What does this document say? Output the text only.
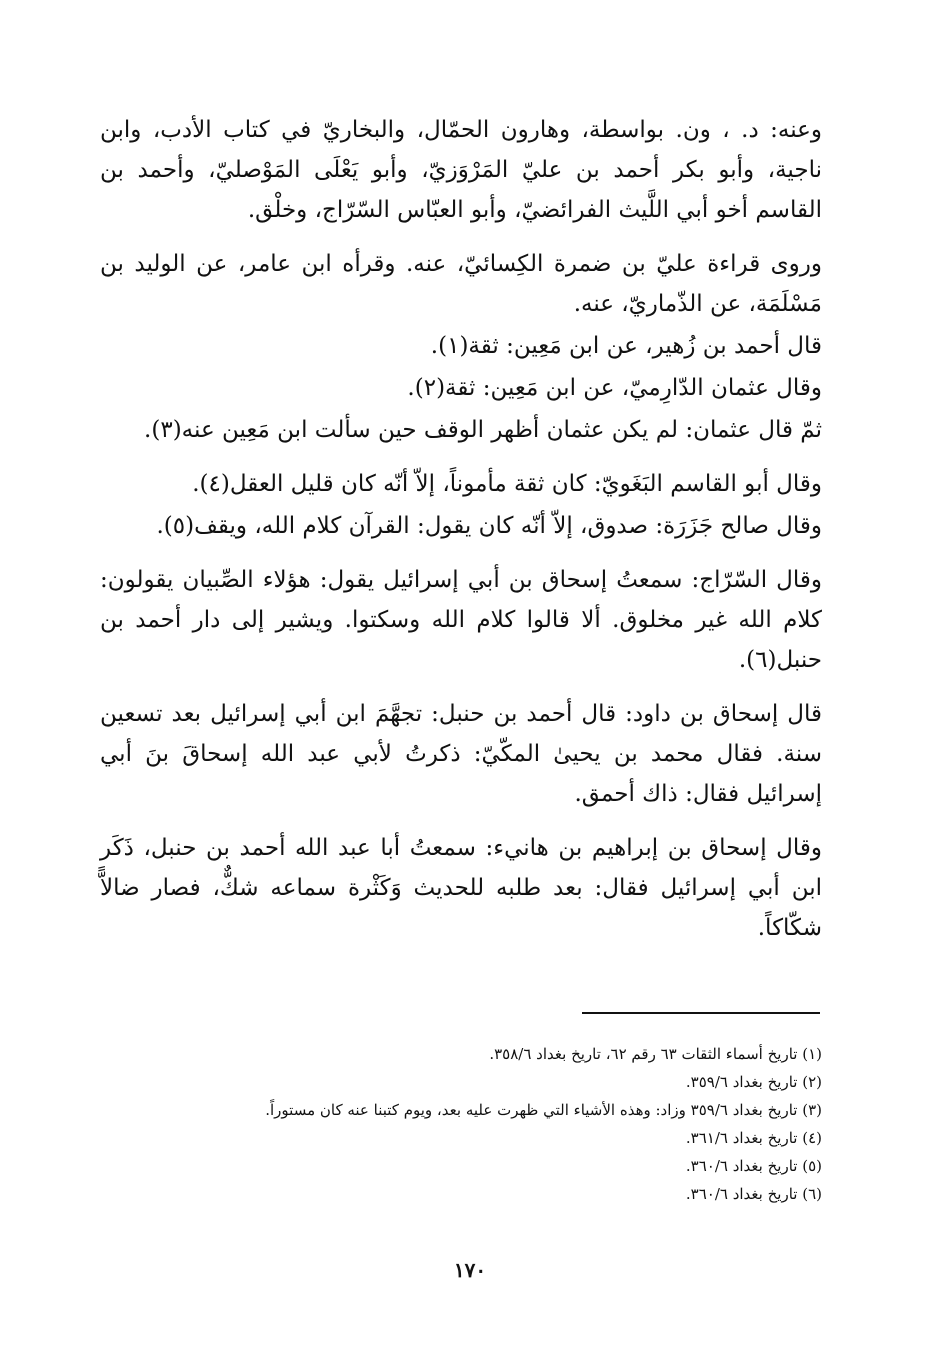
وعنه: د. ، ون. بواسطة، وهارون الحمّال، والبخاريّ في كتاب الأدب، وابن ناجية، وأبو بكر أحمد بن عليّ المَرْوَزيّ، وأبو يَعْلَى المَوْصليّ، وأحمد بن القاسم أخو أبي اللَّيث الفرائضيّ، وأبو العبّاس السّرّاج، وخلْق.

وروى قراءة عليّ بن ضمرة الكِسائيّ، عنه. وقرأه ابن عامر، عن الوليد بن مَسْلَمَة، عن الذّماريّ، عنه.

قال أحمد بن زُهير، عن ابن مَعِين: ثقة(١).

وقال عثمان الدّارِميّ، عن ابن مَعِين: ثقة(٢).

ثمّ قال عثمان: لم يكن عثمان أظهر الوقف حين سألت ابن مَعِين عنه(٣).

وقال أبو القاسم البَغَويّ: كان ثقة مأموناً، إلاّ أنّه كان قليل العقل(٤).

وقال صالح جَزَرَة: صدوق، إلاّ أنّه كان يقول: القرآن كلام الله، ويقف(٥).

وقال السّرّاج: سمعتُ إسحاق بن أبي إسرائيل يقول: هؤلاء الصِّبيان يقولون: كلام الله غير مخلوق. ألا قالوا كلام الله وسكتوا. ويشير إلى دار أحمد بن حنبل(٦).

قال إسحاق بن داود: قال أحمد بن حنبل: تجهَّمَ ابن أبي إسرائيل بعد تسعين سنة. فقال محمد بن يحيىٰ المكّيّ: ذكرتُ لأبي عبد الله إسحاقَ بنَ أبي إسرائيل فقال: ذاك أحمق.

وقال إسحاق بن إبراهيم بن هانيء: سمعتُ أبا عبد الله أحمد بن حنبل، ذَكَر ابن أبي إسرائيل فقال: بعد طلبه للحديث وَكَثْرة سماعه شكٌّ، فصار ضالاًّ شكّاكاً.

(١) تاريخ أسماء الثقات ٦٣ رقم ٦٢، تاريخ بغداد ٣٥٨/٦.

(٢) تاريخ بغداد ٣٥٩/٦.

(٣) تاريخ بغداد ٣٥٩/٦ وزاد: وهذه الأشياء التي ظهرت عليه بعد، ويوم كتبنا عنه كان مستوراً.

(٤) تاريخ بغداد ٣٦١/٦.

(٥) تاريخ بغداد ٣٦٠/٦.

(٦) تاريخ بغداد ٣٦٠/٦.

١٧٠
